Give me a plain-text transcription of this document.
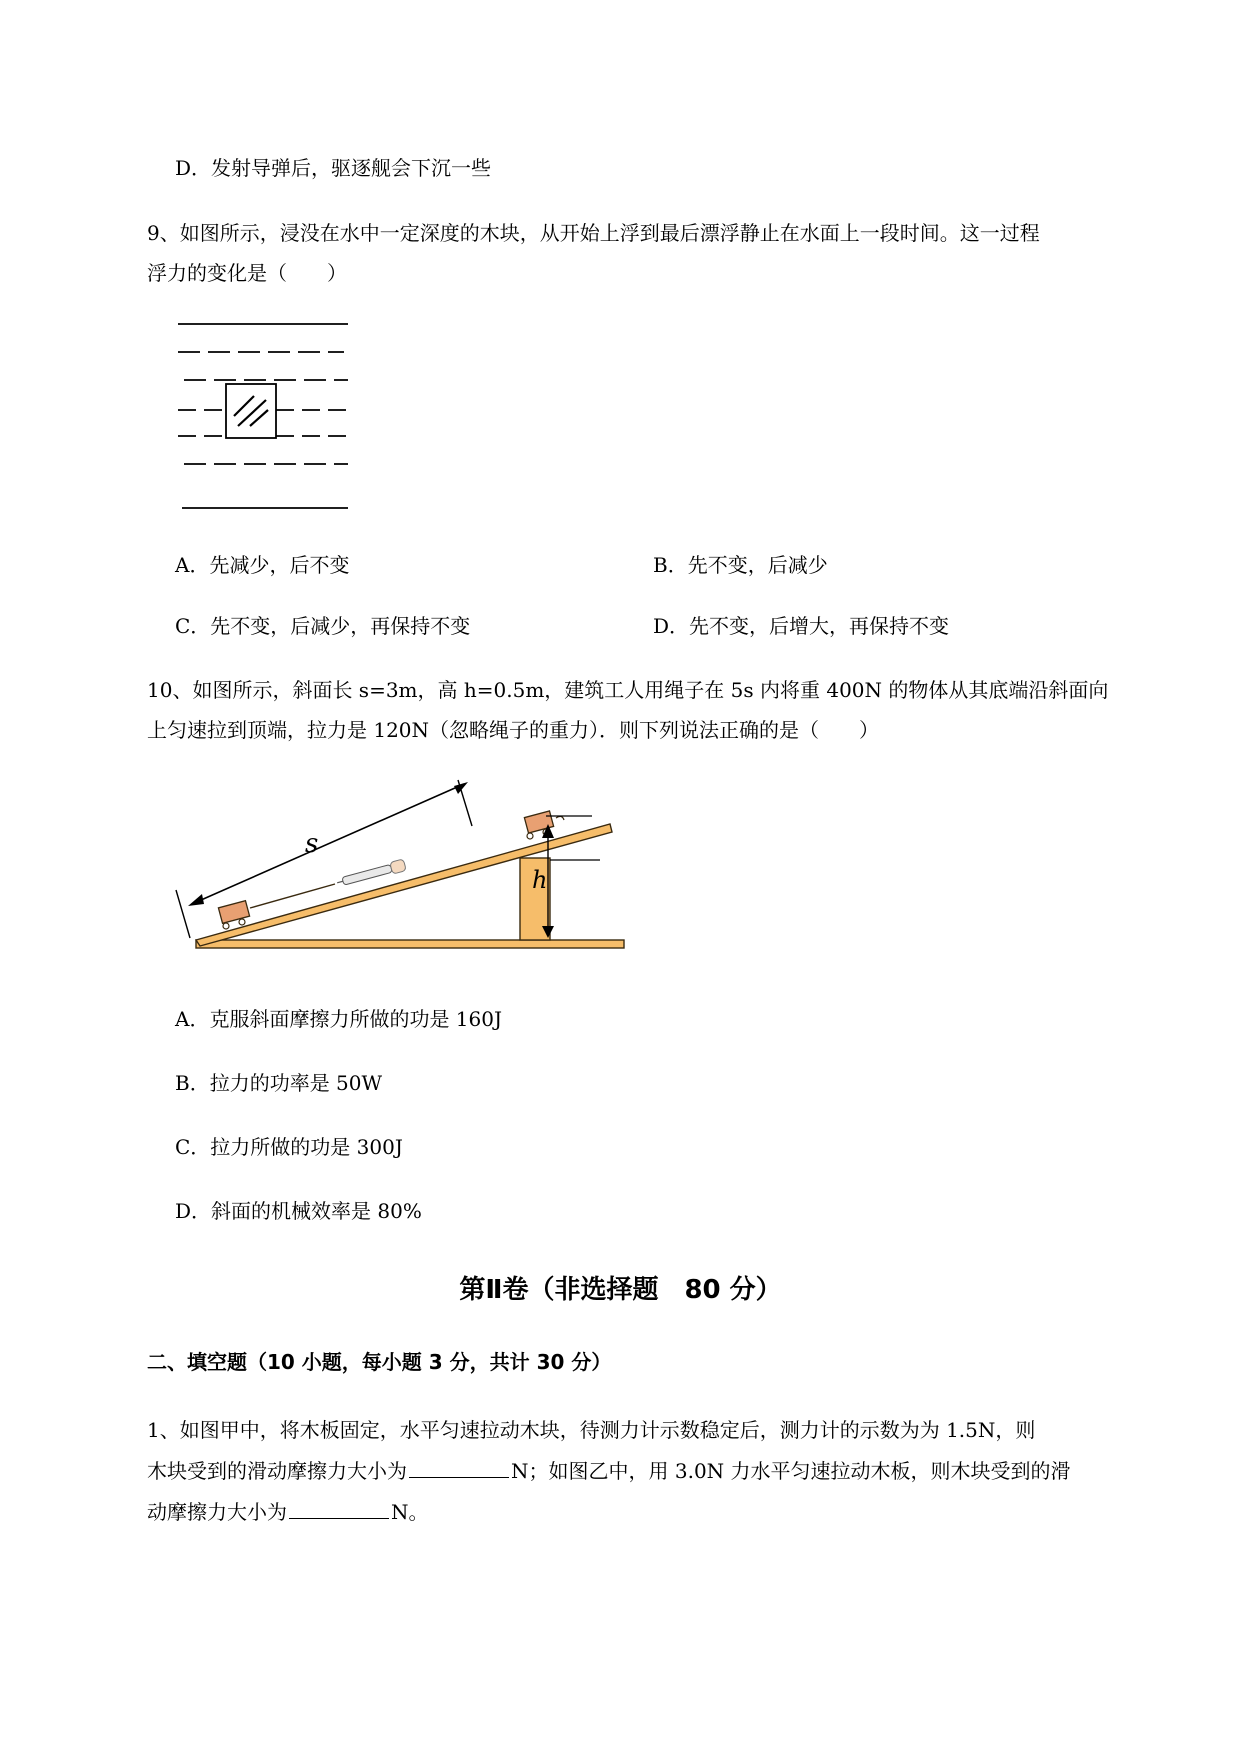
D．发射导弹后，驱逐舰会下沉一些
9、如图所示，浸没在水中一定深度的木块，从开始上浮到最后漂浮静止在水面上一段时间。这一过程
浮力的变化是（　　）
A．先减少，后不变	B．先不变，后减少
C．先不变，后减少，再保持不变	D．先不变，后增大，再保持不变
10、如图所示，斜面长 s=3m，高 h=0.5m，建筑工人用绳子在 5s 内将重 400N 的物体从其底端沿斜面向
上匀速拉到顶端，拉力是 120N（忽略绳子的重力）．则下列说法正确的是（　　）
s
h
A．克服斜面摩擦力所做的功是 160J
B．拉力的功率是 50W
C．拉力所做的功是 300J
D．斜面的机械效率是 80%
第Ⅱ卷（非选择题　80 分）
二、填空题（10 小题，每小题 3 分，共计 30 分）
1、如图甲中，将木板固定，水平匀速拉动木块，待测力计示数稳定后，测力计的示数为为 1.5N，则
木块受到的滑动摩擦力大小为	N；如图乙中，用 3.0N 力水平匀速拉动木板，则木块受到的滑
动摩擦力大小为	N。
